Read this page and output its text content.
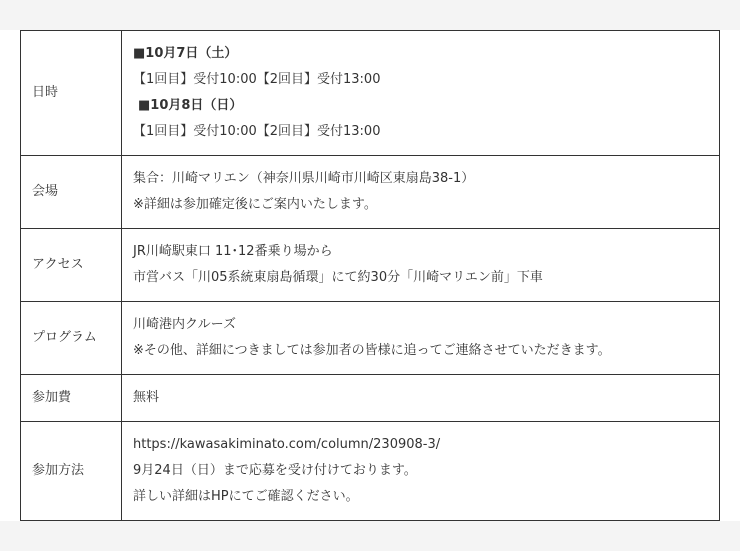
日時	■10月7日（土）
【1回目】受付10:00【2回目】受付13:00
■10月8日（日）
【1回目】受付10:00【2回目】受付13:00

会場	集合：川崎マリエン（神奈川県川崎市川崎区東扇島38-1）
※詳細は参加確定後にご案内いたします。

アクセス	JR川崎駅東口 11･12番乗り場から
市営バス「川05系統東扇島循環」にて約30分「川崎マリエン前」下車

プログラム	川崎港内クルーズ
※その他、詳細につきましては参加者の皆様に追ってご連絡させていただきます。

参加費	無料

参加方法	https://kawasakiminato.com/column/230908-3/
9月24日（日）まで応募を受け付けております。
詳しい詳細はHPにてご確認ください。
